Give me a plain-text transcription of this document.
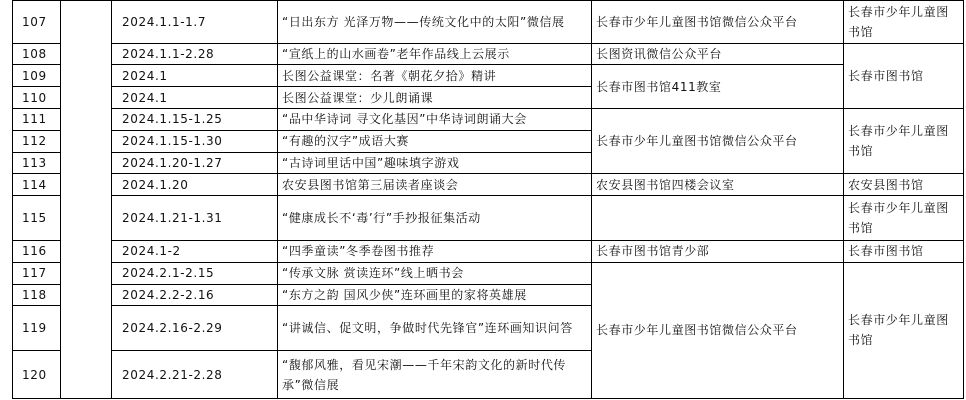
107		2024.1.1-1.7	“日出东方 光泽万物——传统文化中的太阳”微信展	长春市少年儿童图书馆微信公众平台	长春市少年儿童图书馆
108		2024.1.1-2.28	“宣纸上的山水画卷”老年作品线上云展示	长图资讯微信公众平台	长春市图书馆
109		2024.1	长图公益课堂：名著《朝花夕拾》精讲	长春市图书馆411教室	
110		2024.1	长图公益课堂：少儿朗诵课		
111		2024.1.15-1.25	“品中华诗词 寻文化基因”中华诗词朗诵大会	长春市少年儿童图书馆微信公众平台	长春市少年儿童图书馆
112		2024.1.15-1.30	“有趣的汉字”成语大赛		
113		2024.1.20-1.27	“古诗词里话中国”趣味填字游戏		
114		2024.1.20	农安县图书馆第三届读者座谈会	农安县图书馆四楼会议室	农安县图书馆
115		2024.1.21-1.31	“健康成长不‘毒’行”手抄报征集活动		长春市少年儿童图书馆
116		2024.1-2	“四季童读”冬季卷图书推荐	长春市图书馆青少部	长春市图书馆
117		2024.2.1-2.15	“传承文脉 赏读连环”线上晒书会	长春市少年儿童图书馆微信公众平台	长春市少年儿童图书馆
118		2024.2.2-2.16	“东方之韵 国风少侠”连环画里的家将英雄展		
119		2024.2.16-2.29	“讲诚信、促文明，争做时代先锋官”连环画知识问答		
120		2024.2.21-2.28	“馥郁风雅，看见宋潮——千年宋韵文化的新时代传承”微信展		
